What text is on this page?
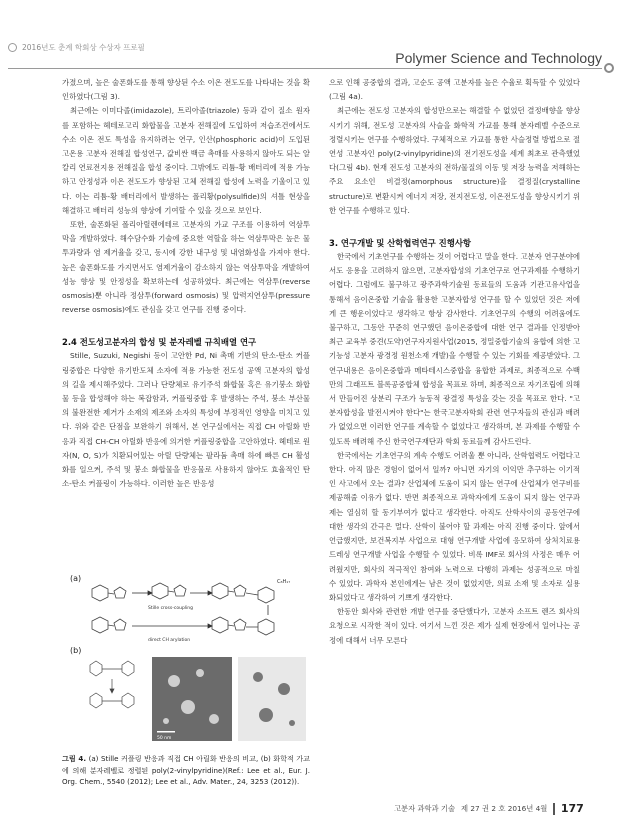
2016년도 춘계 학회상 수상자 프로필
Polymer Science and Technology

가졌으며, 높은 술폰화도를 통해 향상된 수소 이온 전도도를 나타내는 것을 확인하였다(그림 3).

최근에는 이미다졸(imidazole), 트리아졸(triazole) 등과 같이 질소 원자를 포함하는 헤테로고리 화합물을 고분자 전해질에 도입하여 저습조건에서도 수소 이온 전도 특성을 유지하려는 연구, 인산(phosphoric acid)이 도입된 고온용 고분자 전해질 합성연구, 값비싼 백금 촉매를 사용하지 않아도 되는 알칼리 연료전지용 전해질을 합성 중이다. 그밖에도 리튬-황 배터리에 적용 가능하고 안정성과 이온 전도도가 향상된 고체 전해질 합성에 노력을 기울이고 있다. 이는 리튬-황 배터리에서 발생하는 폴리황(polysulfide)의 셔틀 현상을 해결하고 배터리 성능의 향상에 기여할 수 있을 것으로 보인다.

또한, 술폰화된 폴리아릴렌에테르 고분자의 가교 구조를 이용하여 역삼투막을 개발하였다. 해수담수화 기술에 중요한 역할을 하는 역삼투막은 높은 물 투과량과 염 제거율을 갖고, 동시에 강한 내구성 및 내염화성을 가져야 한다. 높은 술폰화도를 가지면서도 염제거율이 감소하지 않는 역삼투막을 개발하여 성능 향상 및 안정성을 확보하는데 성공하였다. 최근에는 역삼투(reverse osmosis)뿐 아니라 정삼투(forward osmosis) 및 압력지연삼투(pressure reverse osmosis)에도 관심을 갖고 연구를 진행 중이다.

2.4 전도성고분자의 합성 및 분자레벨 규칙배열 연구

Stille, Suzuki, Negishi 등이 고안한 Pd, Ni 촉매 기반의 탄소-탄소 커플링중합은 다양한 유기반도체 소자에 적용 가능한 전도성 공액 고분자의 합성의 길을 제시해주었다. 그러나 단량체로 유기주석 화합물 혹은 유기붕소 화합물 등을 합성해야 하는 복잡함과, 커플링중합 후 발생하는 주석, 붕소 부산물의 불완전한 제거가 소재의 제조와 소자의 특성에 부정적인 영향을 미치고 있다. 위와 같은 단점을 보완하기 위해서, 본 연구실에서는 직접 CH 아릴화 반응과 직접 CH-CH 아릴화 반응에 의거한 커플링중합을 고안하였다. 헤테로 원자(N, O, S)가 치환되어있는 아릴 단량체는 팔라듐 촉매 하에 빠른 CH 활성화를 일으켜, 주석 및 붕소 화합물을 반응물로 사용하지 않아도 효율적인 탄소-탄소 커플링이 가능하다. 이러한 높은 반응성

(a)	C₈H₁₇
Stille cross-coupling
direct CH arylation
(b)
50 nm
그림 4. (a) Stille 커플링 반응과 직접 CH 아릴화 반응의 비교, (b) 화학적 가교에 의해 분자레벨로 정렬된 poly(2-vinylpyridine)(Ref.: Lee et al., Eur. J. Org. Chem., 5540 (2012); Lee et al., Adv. Mater., 24, 3253 (2012)).

으로 인해 공중합의 결과, 고순도 공액 고분자를 높은 수율로 획득할 수 있었다(그림 4a).

최근에는 전도성 고분자의 합성만으로는 해결할 수 없었던 결정배향을 향상시키기 위해, 전도성 고분자의 사슬을 화학적 가교를 통해 분자레벨 수준으로 정렬시키는 연구를 수행하였다. 구체적으로 가교를 통한 사슬정렬 방법으로 절연성 고분자인 poly(2-vinylpyridine)의 전기전도성을 세계 최초로 관측했었다(그림 4b). 현재 전도성 고분자의 전하/물질의 이동 및 저장 능력을 저해하는 주요 요소인 비결정(amorphous structure)을 결정질(crystalline structure)로 변환시켜 에너지 저장, 전지전도성, 이온전도성을 향상시키기 위한 연구를 수행하고 있다.

3. 연구개발 및 산학협력연구 진행사항

한국에서 기초연구를 수행하는 것이 어렵다고 말을 한다. 고분자 연구분야에서도 응용을 고려하지 않으면, 고분자합성의 기초연구로 연구과제를 수행하기 어렵다. 그럼에도 불구하고 광주과학기술원 동료들의 도움과 기관고유사업을 통해서 음이온중합 기술을 활용한 고분자합성 연구를 할 수 있었던 것은 저에게 큰 행운이었다고 생각하고 항상 감사한다. 기초연구의 수행의 어려움에도 불구하고, 그동안 꾸준히 연구했던 음이온중합에 대한 연구 결과를 인정받아 최근 교육부 중견(도약)연구자지원사업(2015, 정밀중합기술의 융합에 의한 고기능성 고분자 광경정 원천소재 개발)을 수행할 수 있는 기회를 제공받았다. 그 연구내용은 음이온중합과 메타테시스중합을 융합한 과제로, 최종적으로 수백만의 그래프트 블록공중합체 합성을 목표로 하며, 최종적으로 자기조립에 의해서 만들어진 상분리 구조가 능동적 광결정 특성을 갖는 것을 목표로 한다. "고분자합성을 발전시켜야 한다"는 한국고분자학회 관련 연구자들의 관심과 배려가 없었으면 이러한 연구를 계속할 수 없었다고 생각하며, 본 과제를 수행할 수 있도록 배려해 주신 한국연구재단과 학회 동료들께 감사드린다.

한국에서는 기초연구의 계속 수행도 어려울 뿐 아니라, 산학협력도 어렵다고 한다. 아직 많은 경험이 없어서 일까? 아니면 자기의 이익만 추구하는 이기적인 사고에서 오는 결과? 산업체에 도움이 되지 않는 연구에 산업체가 연구비를 제공해줄 이유가 없다. 반면 최종적으로 과학자에게 도움이 되지 않는 연구과제는 열심히 할 동기부여가 없다고 생각한다. 아직도 산학사이의 공동연구에 대한 생각의 간극은 멀다. 산학이 불어야 할 과제는 아직 진행 중이다. 앞에서 언급했지만, 보건복지부 사업으로 대형 연구개발 사업에 응모하여 상처치료용 드레싱 연구개발 사업을 수행할 수 있었다. 비록 IMF로 회사의 사정은 매우 어려웠지만, 회사의 적극적인 참여와 노력으로 다행히 과제는 성공적으로 마칠 수 있었다. 과학자 본인에게는 남은 것이 없었지만, 의료 소재 및 소자로 실용화되었다고 생각하여 기쁘게 생각한다.

한동안 회사와 관련한 개발 연구를 중단했다가, 고분자 소프트 렌즈 회사의 요청으로 시작한 적이 있다. 여기서 느낀 것은 제가 실제 현장에서 일어나는 공정에 대해서 너무 모른다

고분자 과학과 기술 제 27 권 2 호 2016년 4월 177
